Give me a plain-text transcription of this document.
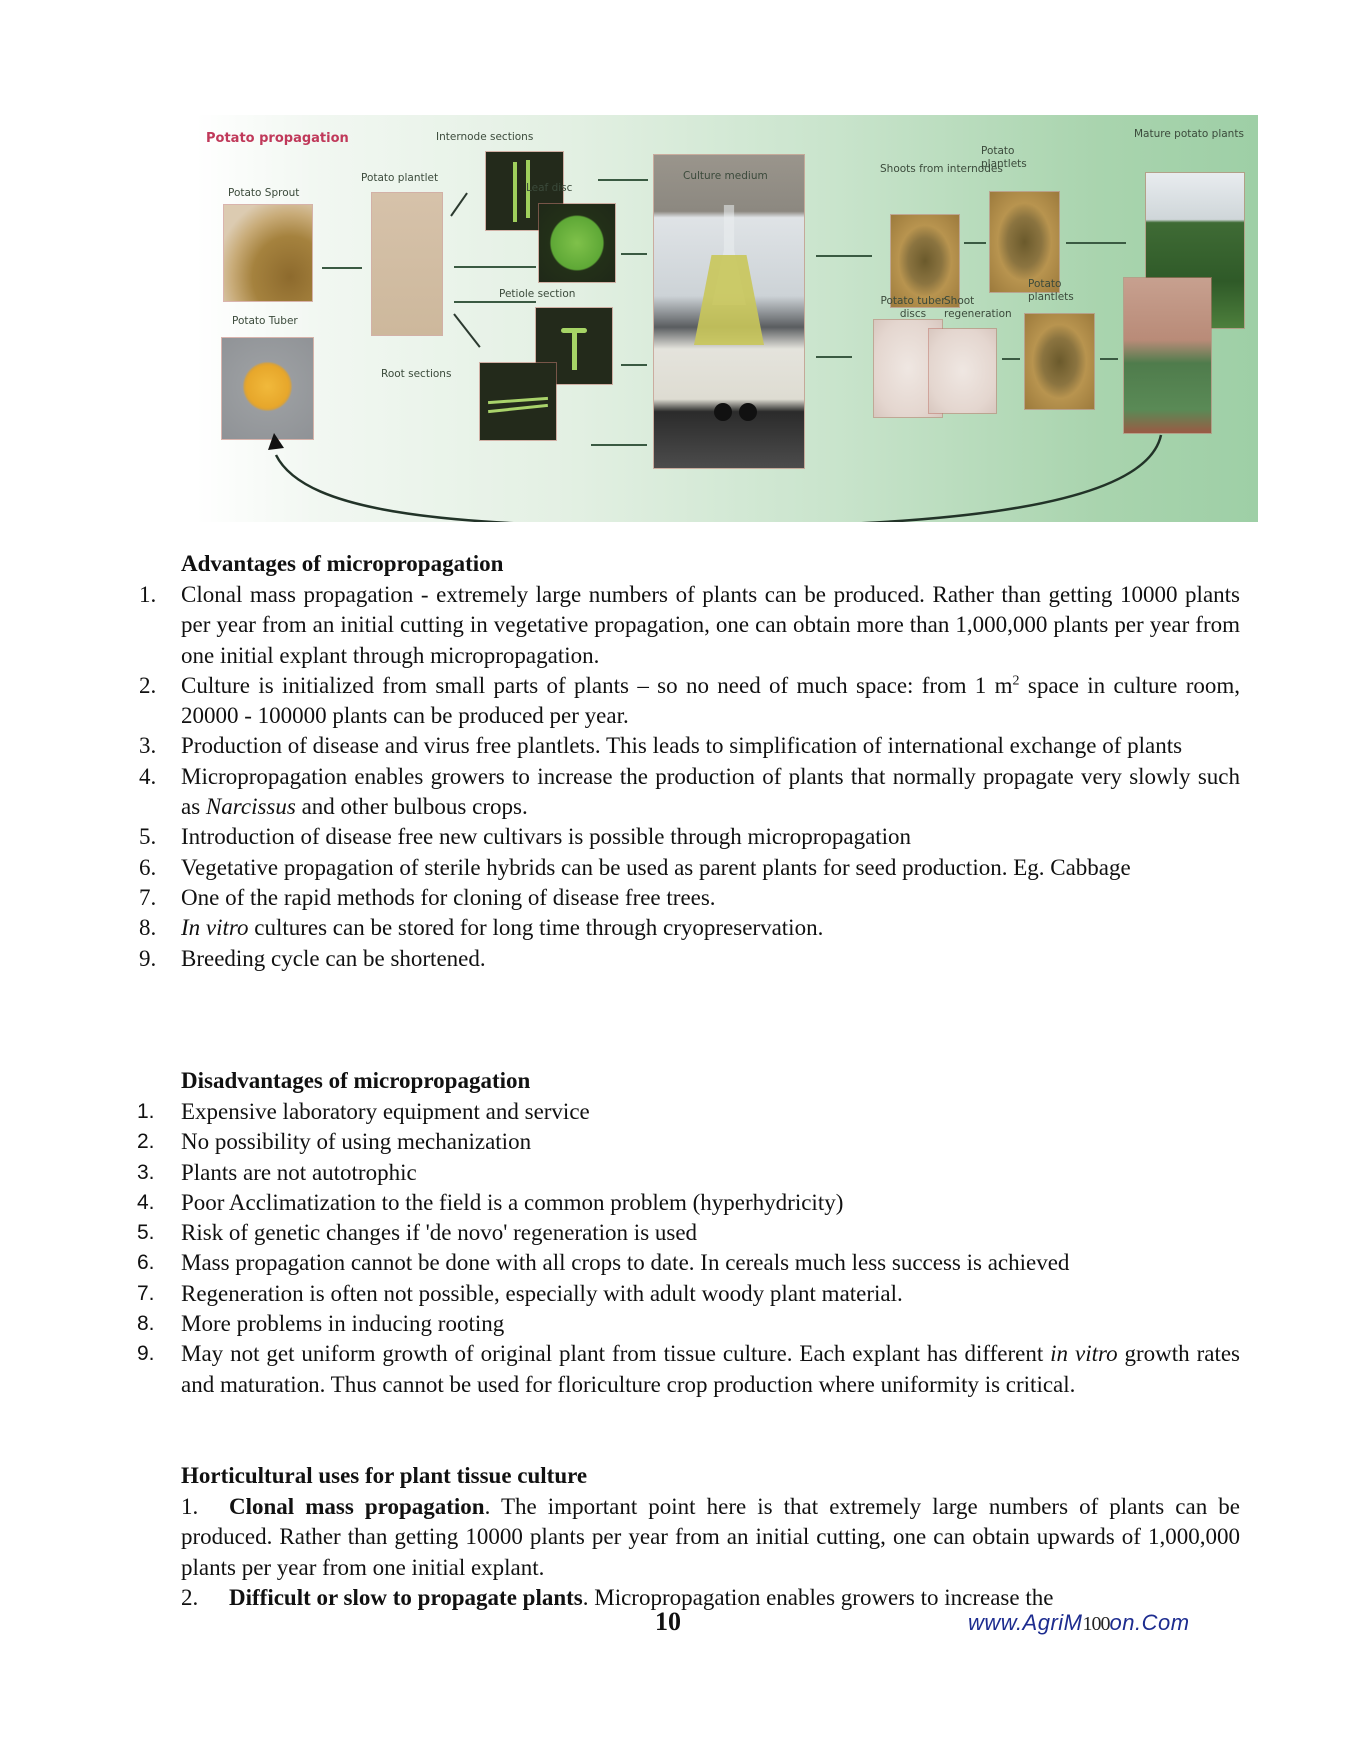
Potato propagation
Potato Sprout
Potato Tuber
Potato plantlet
Internode sections
Leaf disc
Petiole section
Root sections
Culture medium
Shoots from internodes
Potato plantlets
Potato tuber discs
Shoot regeneration
Potato plantlets
Mature potato plants
Advantages of micropropagation
1. Clonal mass propagation - extremely large numbers of plants can be produced. Rather than getting 10000 plants per year from an initial cutting in vegetative propagation, one can obtain more than 1,000,000 plants per year from one initial explant through micropropagation.
2. Culture is initialized from small parts of plants – so no need of much space: from 1 $m^2$ space in culture room, 20000 - 100000 plants can be produced per year.
3. Production of disease and virus free plantlets. This leads to simplification of international exchange of plants
4. Micropropagation enables growers to increase the production of plants that normally propagate very slowly such as Narcissus and other bulbous crops.
5. Introduction of disease free new cultivars is possible through micropropagation
6. Vegetative propagation of sterile hybrids can be used as parent plants for seed production. Eg. Cabbage
7. One of the rapid methods for cloning of disease free trees.
8. In vitro cultures can be stored for long time through cryopreservation.
9. Breeding cycle can be shortened.
Disadvantages of micropropagation
1. Expensive laboratory equipment and service
2. No possibility of using mechanization
3. Plants are not autotrophic
4. Poor Acclimatization to the field is a common problem (hyperhydricity)
5. Risk of genetic changes if 'de novo' regeneration is used
6. Mass propagation cannot be done with all crops to date. In cereals much less success is achieved
7. Regeneration is often not possible, especially with adult woody plant material.
8. More problems in inducing rooting
9. May not get uniform growth of original plant from tissue culture. Each explant has different in vitro growth rates and maturation. Thus cannot be used for floriculture crop production where uniformity is critical.
Horticultural uses for plant tissue culture
1. Clonal mass propagation. The important point here is that extremely large numbers of plants can be produced. Rather than getting 10000 plants per year from an initial cutting, one can obtain upwards of 1,000,000 plants per year from one initial explant.
2. Difficult or slow to propagate plants. Micropropagation enables growers to increase the
10	www.AgriM100on.Com
